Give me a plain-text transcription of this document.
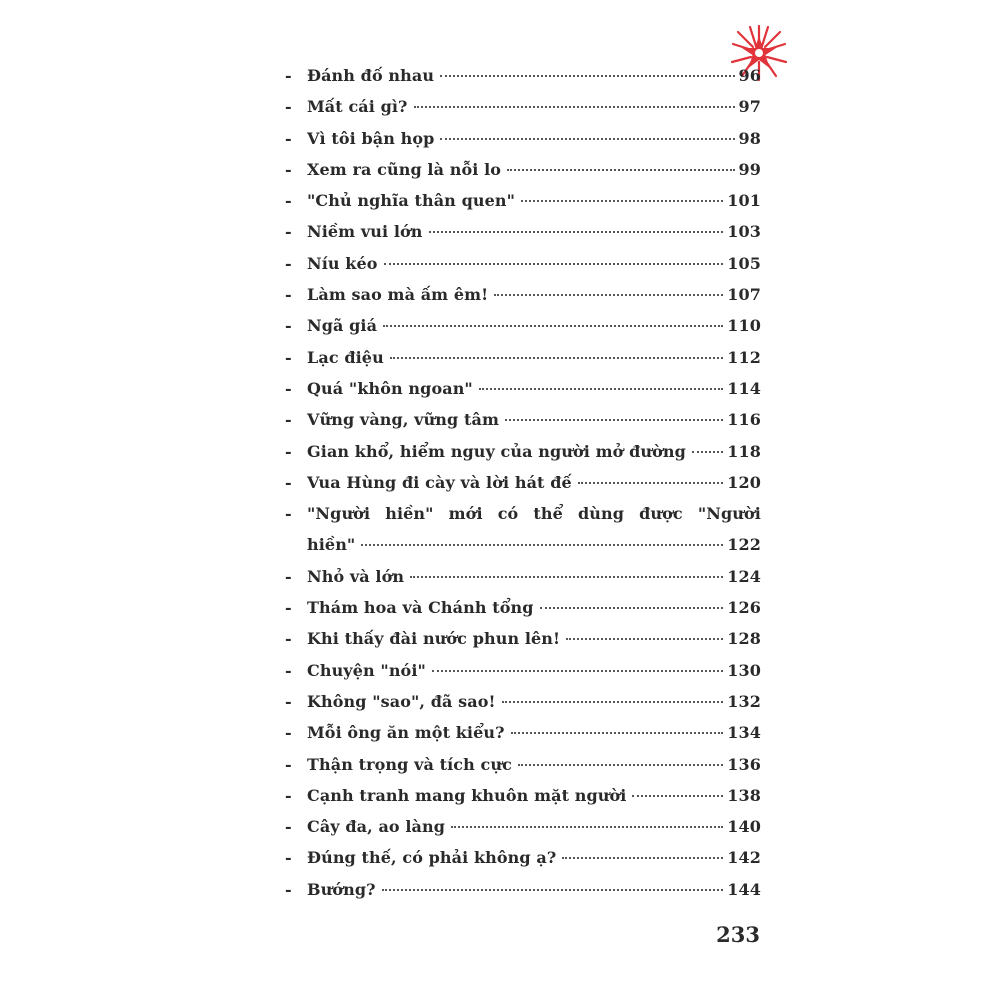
- Đánh đố nhau	96
- Mất cái gì?	97
- Vì tôi bận họp	98
- Xem ra cũng là nỗi lo	99
- "Chủ nghĩa thân quen"	101
- Niềm vui lớn	103
- Níu kéo	105
- Làm sao mà ấm êm!	107
- Ngã giá	110
- Lạc điệu	112
- Quá "khôn ngoan"	114
- Vững vàng, vững tâm	116
- Gian khổ, hiểm nguy của người mở đường	118
- Vua Hùng đi cày và lời hát đế	120
- "Người hiền" mới có thể dùng được "Người
hiền"	122
- Nhỏ và lớn	124
- Thám hoa và Chánh tổng	126
- Khi thấy đài nước phun lên!	128
- Chuyện "nói"	130
- Không "sao", đã sao!	132
- Mỗi ông ăn một kiểu?	134
- Thận trọng và tích cực	136
- Cạnh tranh mang khuôn mặt người	138
- Cây đa, ao làng	140
- Đúng thế, có phải không ạ?	142
- Bướng?	144
233
